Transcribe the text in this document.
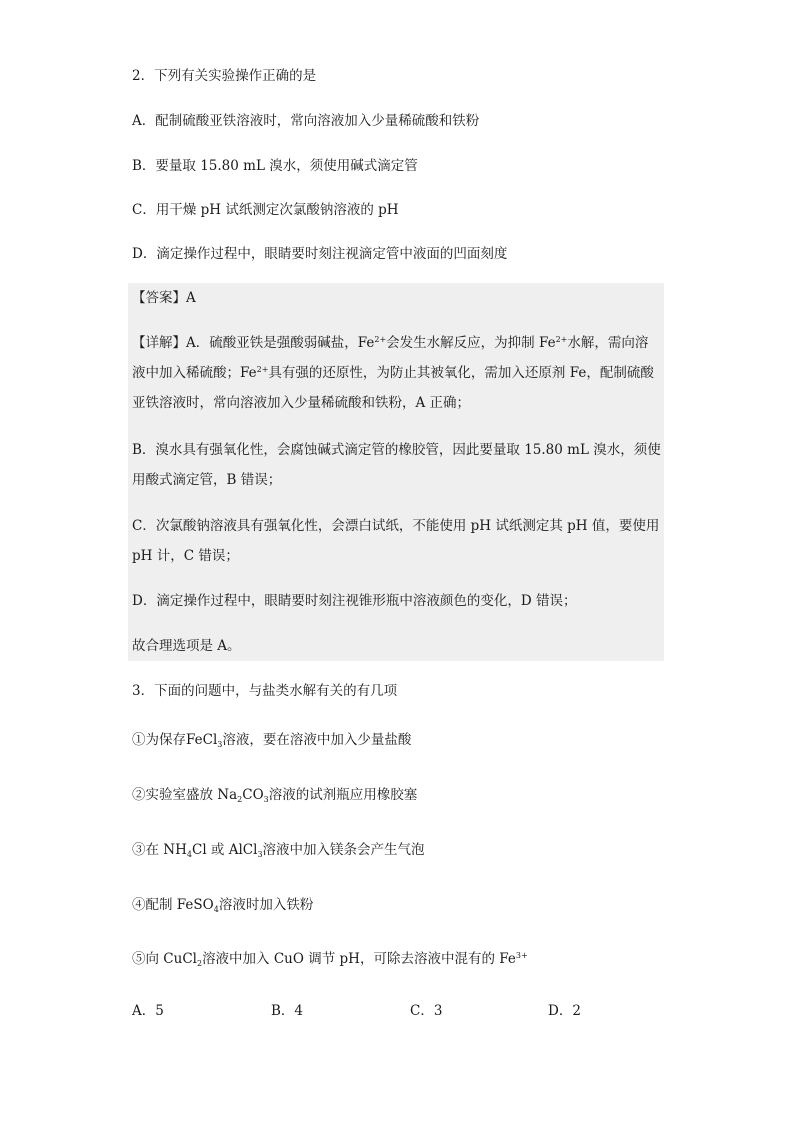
2．下列有关实验操作正确的是
A．配制硫酸亚铁溶液时，常向溶液加入少量稀硫酸和铁粉
B．要量取 15.80 mL 溴水，须使用碱式滴定管
C．用干燥 pH 试纸测定次氯酸钠溶液的 pH
D．滴定操作过程中，眼睛要时刻注视滴定管中液面的凹面刻度
【答案】A
【详解】A．硫酸亚铁是强酸弱碱盐，$Fe^{2+}$会发生水解反应，为抑制 $Fe^{2+}$水解，需向溶
液中加入稀硫酸；$Fe^{2+}$具有强的还原性，为防止其被氧化，需加入还原剂 Fe，配制硫酸
亚铁溶液时，常向溶液加入少量稀硫酸和铁粉，A 正确；
B．溴水具有强氧化性，会腐蚀碱式滴定管的橡胶管，因此要量取 15.80 mL 溴水，须使
用酸式滴定管，B 错误；
C．次氯酸钠溶液具有强氧化性，会漂白试纸，不能使用 pH 试纸测定其 pH 值，要使用
pH 计，C 错误；
D．滴定操作过程中，眼睛要时刻注视锥形瓶中溶液颜色的变化，D 错误；
故合理选项是 A。
3．下面的问题中，与盐类水解有关的有几项
①为保存FeCl$_3$溶液，要在溶液中加入少量盐酸
②实验室盛放 $Na_2CO_3$溶液的试剂瓶应用橡胶塞
③在 $NH_4Cl$ 或 AlCl$_3$溶液中加入镁条会产生气泡
④配制 FeSO$_4$溶液时加入铁粉
⑤向 CuCl$_2$溶液中加入 CuO 调节 pH，可除去溶液中混有的 $Fe^{3+}$
A．5	B．4	C．3	D．2
